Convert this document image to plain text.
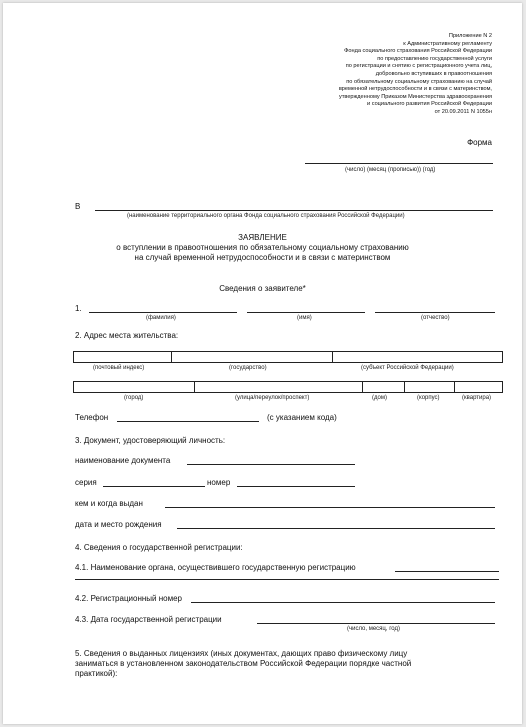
Приложение N 2
к Административному регламенту
Фонда социального страхования Российской Федерации
по предоставлению государственной услуги
по регистрации и снятию с регистрационного учета лиц,
добровольно вступивших в правоотношения
по обязательному социальному страхованию на случай
временной нетрудоспособности и в связи с материнством,
утвержденному Приказом Министерства здравоохранения
и социального развития Российской Федерации
от 20.09.2011 N 1055н
Форма
(число) (месяц (прописью)) (год)
В
(наименование территориального органа Фонда социального страхования Российской Федерации)
ЗАЯВЛЕНИЕ
о вступлении в правоотношения по обязательному социальному страхованию
на случай временной нетрудоспособности и в связи с материнством
Сведения о заявителе*
1.
(фамилия)	(имя)	(отчество)
2. Адрес места жительства:
(почтовый индекс)	(государство)	(субъект Российской Федерации)
(город)	(улица/переулок/проспект)	(дом)	(корпус)	(квартира)
Телефон	(с указанием кода)
3. Документ, удостоверяющий личность:
наименование документа
серия	номер
кем и когда выдан
дата и место рождения
4. Сведения о государственной регистрации:
4.1. Наименование органа, осуществившего государственную регистрацию
4.2. Регистрационный номер
4.3. Дата государственной регистрации
(число, месяц, год)
5. Сведения о выданных лицензиях (иных документах, дающих право физическому лицу
заниматься в установленном законодательством Российской Федерации порядке частной
практикой):
